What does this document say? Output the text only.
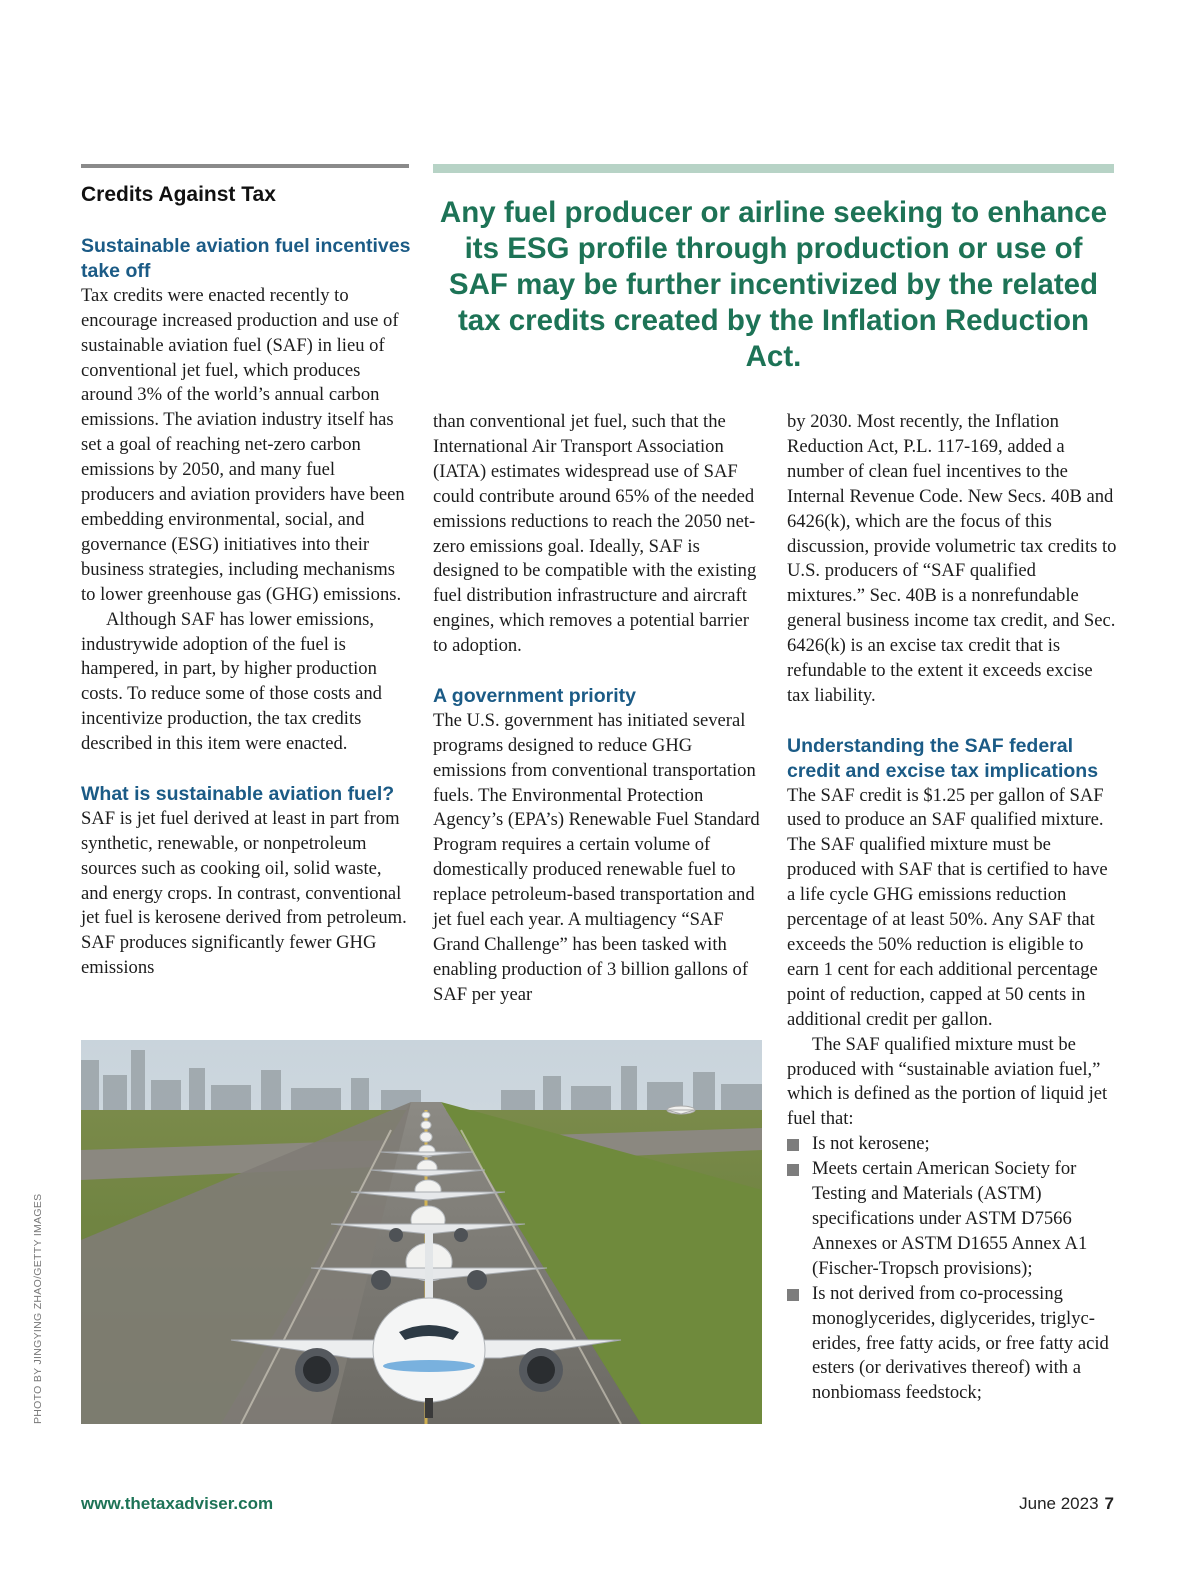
Credits Against Tax
Any fuel producer or airline seeking to enhance its ESG profile through production or use of SAF may be further incentivized by the related tax credits created by the Inflation Reduction Act.
Sustainable aviation fuel incentives take off

Tax credits were enacted recently to encourage increased production and use of sustainable aviation fuel (SAF) in lieu of conventional jet fuel, which produces around 3% of the world’s annual carbon emissions. The aviation industry itself has set a goal of reaching net-zero carbon emissions by 2050, and many fuel producers and aviation providers have been embedding environmental, social, and governance (ESG) initiatives into their business strategies, including mechanisms to lower greenhouse gas (GHG) emissions.

Although SAF has lower emissions, industrywide adoption of the fuel is hampered, in part, by higher production costs. To reduce some of those costs and incentivize production, the tax credits described in this item were enacted.

What is sustainable aviation fuel?

SAF is jet fuel derived at least in part from synthetic, renewable, or nonpetroleum sources such as cooking oil, solid waste, and energy crops. In contrast, conventional jet fuel is kerosene derived from petroleum. SAF produces significantly fewer GHG emissions

than conventional jet fuel, such that the International Air Transport Association (IATA) estimates widespread use of SAF could contribute around 65% of the needed emissions reductions to reach the 2050 net-zero emissions goal. Ideally, SAF is designed to be compatible with the existing fuel distribution infrastructure and aircraft engines, which removes a potential barrier to adoption.

A government priority

The U.S. government has initiated several programs designed to reduce GHG emissions from conventional transportation fuels. The Environmental Protection Agency’s (EPA’s) Renewable Fuel Standard Program requires a certain volume of domestically produced renewable fuel to replace petroleum-based transportation and jet fuel each year. A multiagency “SAF Grand Challenge” has been tasked with enabling production of 3 billion gallons of SAF per year

by 2030. Most recently, the Inflation Reduction Act, P.L. 117-169, added a number of clean fuel incentives to the Internal Revenue Code. New Secs. 40B and 6426(k), which are the focus of this discussion, provide volumetric tax credits to U.S. producers of “SAF qualified mixtures.” Sec. 40B is a nonrefundable general business income tax credit, and Sec. 6426(k) is an excise tax credit that is refundable to the extent it exceeds excise tax liability.

Understanding the SAF federal credit and excise tax implications

The SAF credit is $1.25 per gallon of SAF used to produce an SAF qualified mixture. The SAF qualified mixture must be produced with SAF that is certified to have a life cycle GHG emissions reduction percentage of at least 50%. Any SAF that exceeds the 50% reduction is eligible to earn 1 cent for each additional percentage point of reduction, capped at 50 cents in additional credit per gallon.

The SAF qualified mixture must be produced with “sustainable aviation fuel,” which is defined as the portion of liquid jet fuel that:

Is not kerosene;
Meets certain American Society for Testing and Materials (ASTM) specifications under ASTM D7566 Annexes or ASTM D1655 Annex A1 (Fischer-Tropsch provisions);
Is not derived from co-processing monoglycerides, diglycerides, triglycerides, free fatty acids, or free fatty acid esters (or derivatives thereof) with a nonbiomass feedstock;
PHOTO BY JINGYING ZHAO/GETTY IMAGES
www.thetaxadviser.com	June 2023 7
